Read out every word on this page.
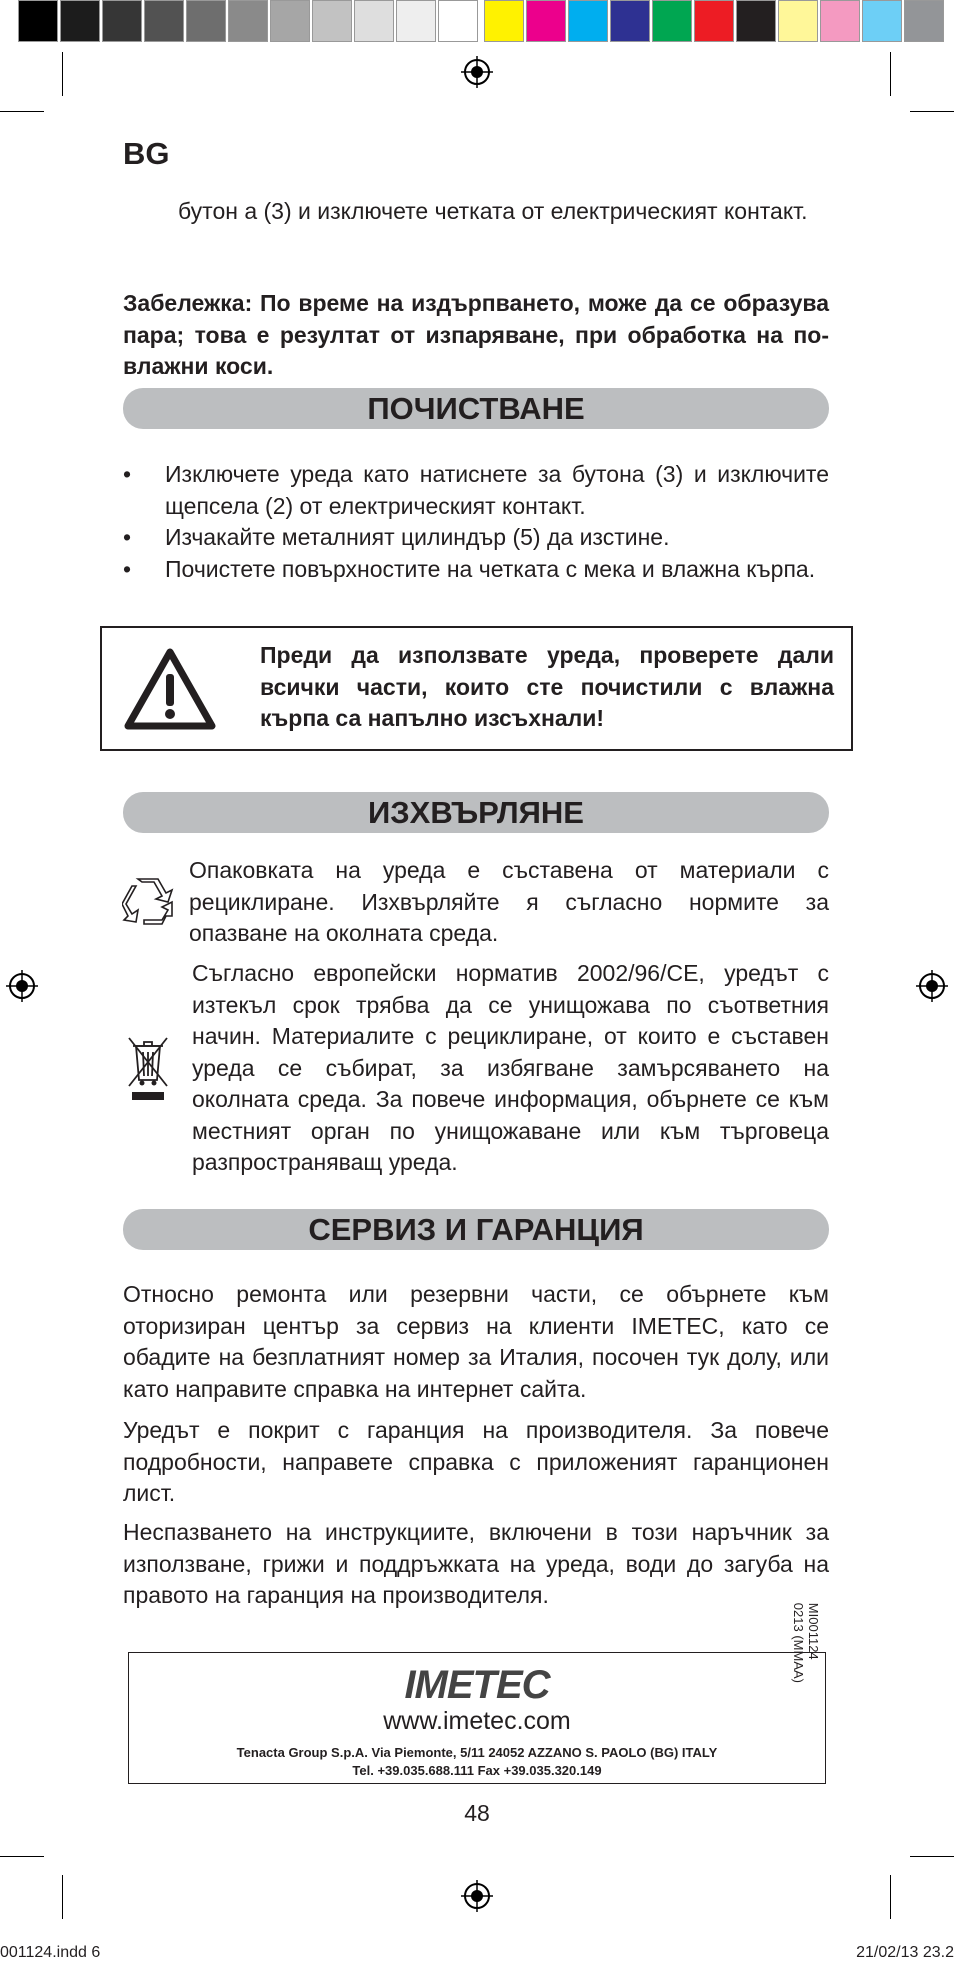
BG
бутон а (3) и изключете четката от електрическият контакт.
Забележка: По време на издърпването, може да се образува пара; това е резултат от изпаряване, при обработка на по-влажни коси.
ПОЧИСТВАНЕ
• Изключете уреда като натиснете за бутона (3) и изключите щепсела (2) от електрическият контакт.
• Изчакайте металният цилиндър (5) да изстине.
• Почистете повърхностите на четката с мека и влажна кърпа.
Преди да използвате уреда, проверете дали всички части, които сте почистили с влажна кърпа са напълно изсъхнали!
ИЗХВЪРЛЯНЕ
Опаковката на уреда е съставена от материали с рециклиране. Изхвърляйте я съгласно нормите за опазване на околната среда.
Съгласно европейски норматив 2002/96/CE, уредът с изтекъл срок трябва да се унищожава по съответния начин. Материалите с рециклиране, от които е съставен уреда се събират, за избягване замърсяването на околната среда. За повече информация, обърнете се към местният орган по унищожаване или към търговеца разпространяващ уреда.
СЕРВИЗ И ГАРАНЦИЯ
Относно ремонта или резервни части, се обърнете към оторизиран център за сервиз на клиенти IMETEC, като се обадите на безплатният номер за Италия, посочен тук долу, или като направите справка на интернет сайта.
Уредът е покрит с гаранция на производителя. За повече подробности, направете справка с приложеният гаранционен лист.
Неспазването на инструкциите, включени в този наръчник за използване, грижи и поддръжката на уреда, води до загуба на правото на гаранция на производителя.
IMETEC
www.imetec.com
Tenacta Group S.p.A. Via Piemonte, 5/11 24052 AZZANO S. PAOLO (BG) ITALY
Tel. +39.035.688.111 Fax +39.035.320.149
MI001124
0213 (MMAA)
48
001124.indd 6	21/02/13 23.2
